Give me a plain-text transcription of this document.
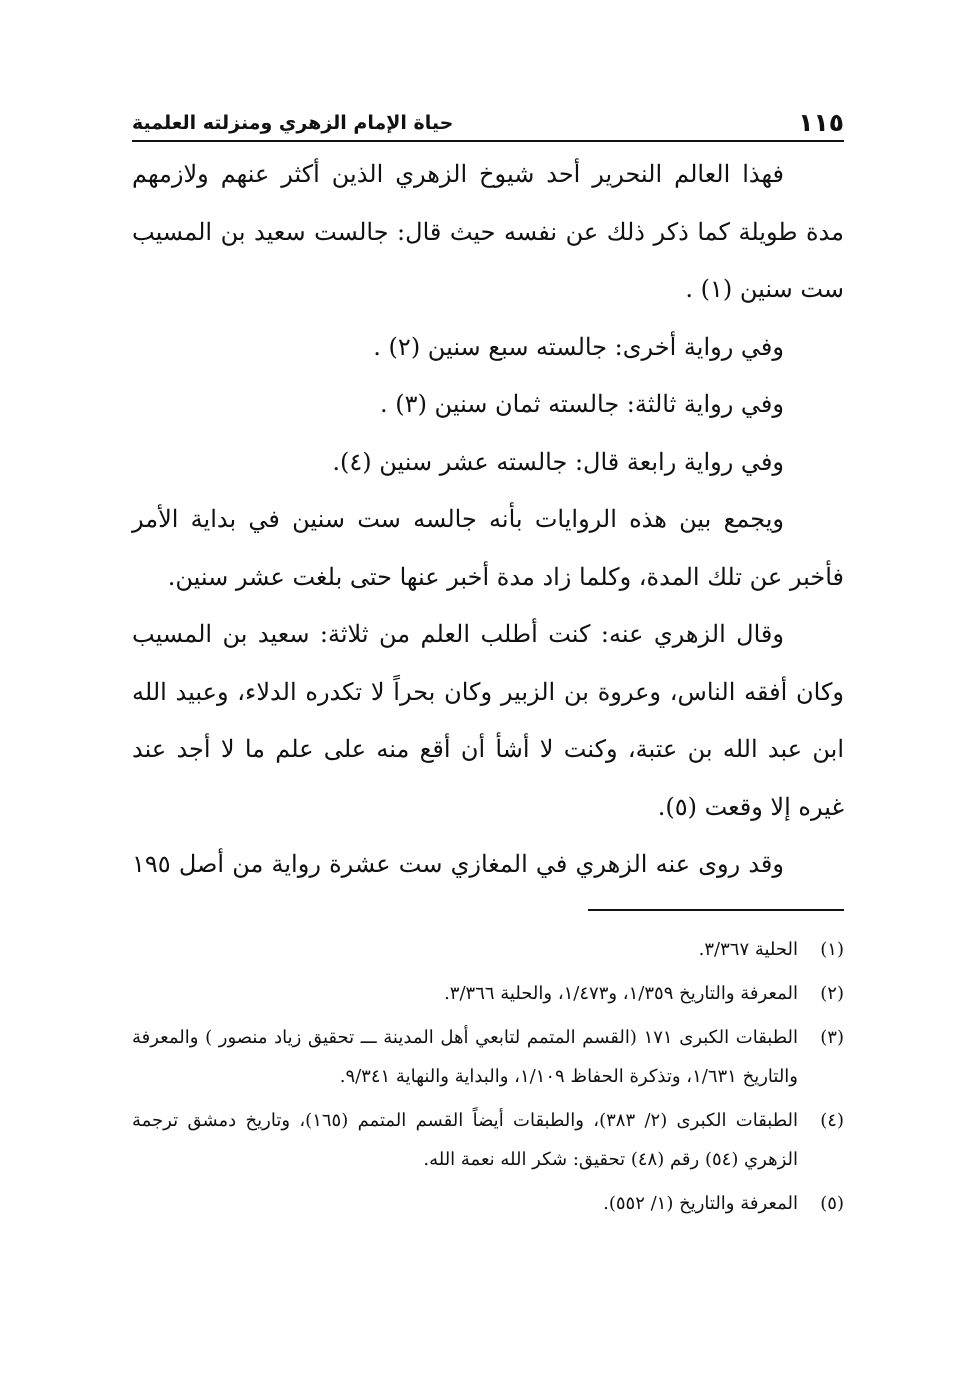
١١٥
حياة الإمام الزهري ومنزلته العلمية

فهذا العالم النحرير أحد شيوخ الزهري الذين أكثر عنهم ولازمهم مدة طويلة كما ذكر ذلك عن نفسه حيث قال: جالست سعيد بن المسيب ست سنين (١) .

وفي رواية أخرى: جالسته سبع سنين (٢) .

وفي رواية ثالثة: جالسته ثمان سنين (٣) .

وفي رواية رابعة قال: جالسته عشر سنين (٤).

ويجمع بين هذه الروايات بأنه جالسه ست سنين في بداية الأمر فأخبر عن تلك المدة، وكلما زاد مدة أخبر عنها حتى بلغت عشر سنين.

وقال الزهري عنه: كنت أطلب العلم من ثلاثة: سعيد بن المسيب وكان أفقه الناس، وعروة بن الزبير وكان بحراً لا تكدره الدلاء، وعبيد الله ابن عبد الله بن عتبة، وكنت لا أشأ أن أقع منه على علم ما لا أجد عند غيره إلا وقعت (٥).

وقد روى عنه الزهري في المغازي ست عشرة رواية من أصل ١٩٥

(١)الحلية ٣/٣٦٧.

(٢)المعرفة والتاريخ ١/٣٥٩، و١/٤٧٣، والحلية ٣/٣٦٦.

(٣)الطبقات الكبرى ١٧١ (القسم المتمم لتابعي أهل المدينة ـــ تحقيق زياد منصور ) والمعرفة والتاريخ ١/٦٣١، وتذكرة الحفاظ ١/١٠٩، والبداية والنهاية ٩/٣٤١.

(٤)الطبقات الكبرى (٢/ ٣٨٣)، والطبقات أيضاً القسم المتمم (١٦٥)، وتاريخ دمشق ترجمة الزهري (٥٤) رقم (٤٨) تحقيق: شكر الله نعمة الله.

(٥)المعرفة والتاريخ (١/ ٥٥٢).
